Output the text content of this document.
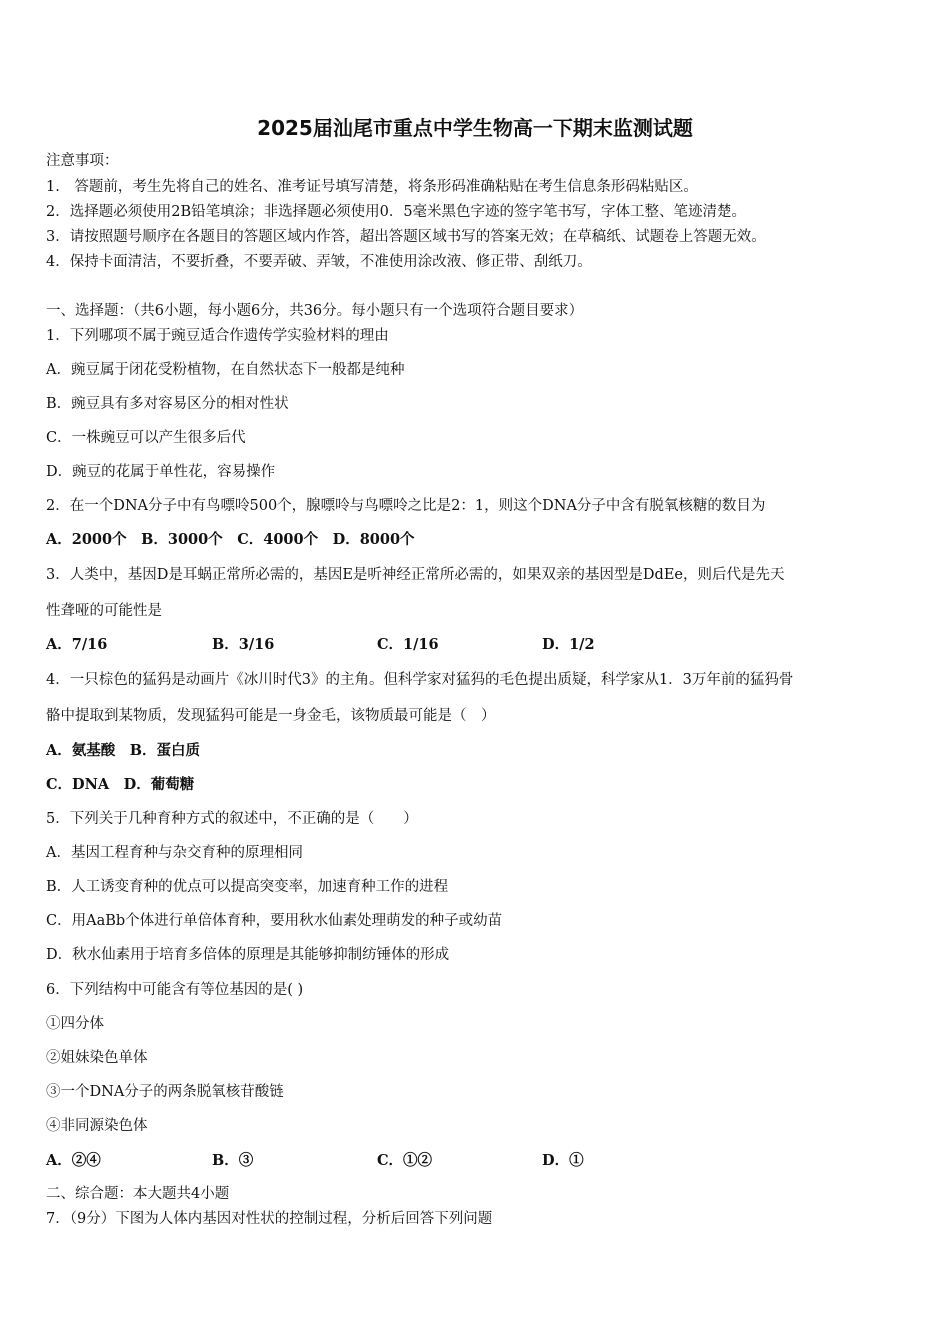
2025届汕尾市重点中学生物高一下期末监测试题
注意事项：
1.　答题前，考生先将自己的姓名、准考证号填写清楚，将条形码准确粘贴在考生信息条形码粘贴区。
2．选择题必须使用2B铅笔填涂；非选择题必须使用0．5毫米黑色字迹的签字笔书写，字体工整、笔迹清楚。
3．请按照题号顺序在各题目的答题区域内作答，超出答题区域书写的答案无效；在草稿纸、试题卷上答题无效。
4．保持卡面清洁，不要折叠，不要弄破、弄皱，不准使用涂改液、修正带、刮纸刀。
一、选择题：（共6小题，每小题6分，共36分。每小题只有一个选项符合题目要求）
1．下列哪项不属于豌豆适合作遗传学实验材料的理由
A．豌豆属于闭花受粉植物，在自然状态下一般都是纯种
B．豌豆具有多对容易区分的相对性状
C．一株豌豆可以产生很多后代
D．豌豆的花属于单性花，容易操作
2．在一个DNA分子中有鸟嘌呤500个，腺嘌呤与鸟嘌呤之比是2：1，则这个DNA分子中含有脱氧核糖的数目为
A．2000个　B．3000个　C．4000个　D．8000个
3．人类中，基因D是耳蜗正常所必需的，基因E是听神经正常所必需的，如果双亲的基因型是DdEe，则后代是先天
性聋哑的可能性是
A．7/16	B．3/16	C．1/16	D．1/2
4．一只棕色的猛犸是动画片《冰川时代3》的主角。但科学家对猛犸的毛色提出质疑，科学家从1．3万年前的猛犸骨
骼中提取到某物质，发现猛犸可能是一身金毛，该物质最可能是（　）
A．氨基酸　B．蛋白质
C．DNA　D．葡萄糖
5．下列关于几种育种方式的叙述中，不正确的是（　　）
A．基因工程育种与杂交育种的原理相同
B．人工诱变育种的优点可以提高突变率，加速育种工作的进程
C．用AaBb个体进行单倍体育种，要用秋水仙素处理萌发的种子或幼苗
D．秋水仙素用于培育多倍体的原理是其能够抑制纺锤体的形成
6．下列结构中可能含有等位基因的是( )
①四分体
②姐妹染色单体
③一个DNA分子的两条脱氧核苷酸链
④非同源染色体
A．②④	B．③	C．①②	D．①
二、综合题：本大题共4小题
7．（9分）下图为人体内基因对性状的控制过程，分析后回答下列问题
